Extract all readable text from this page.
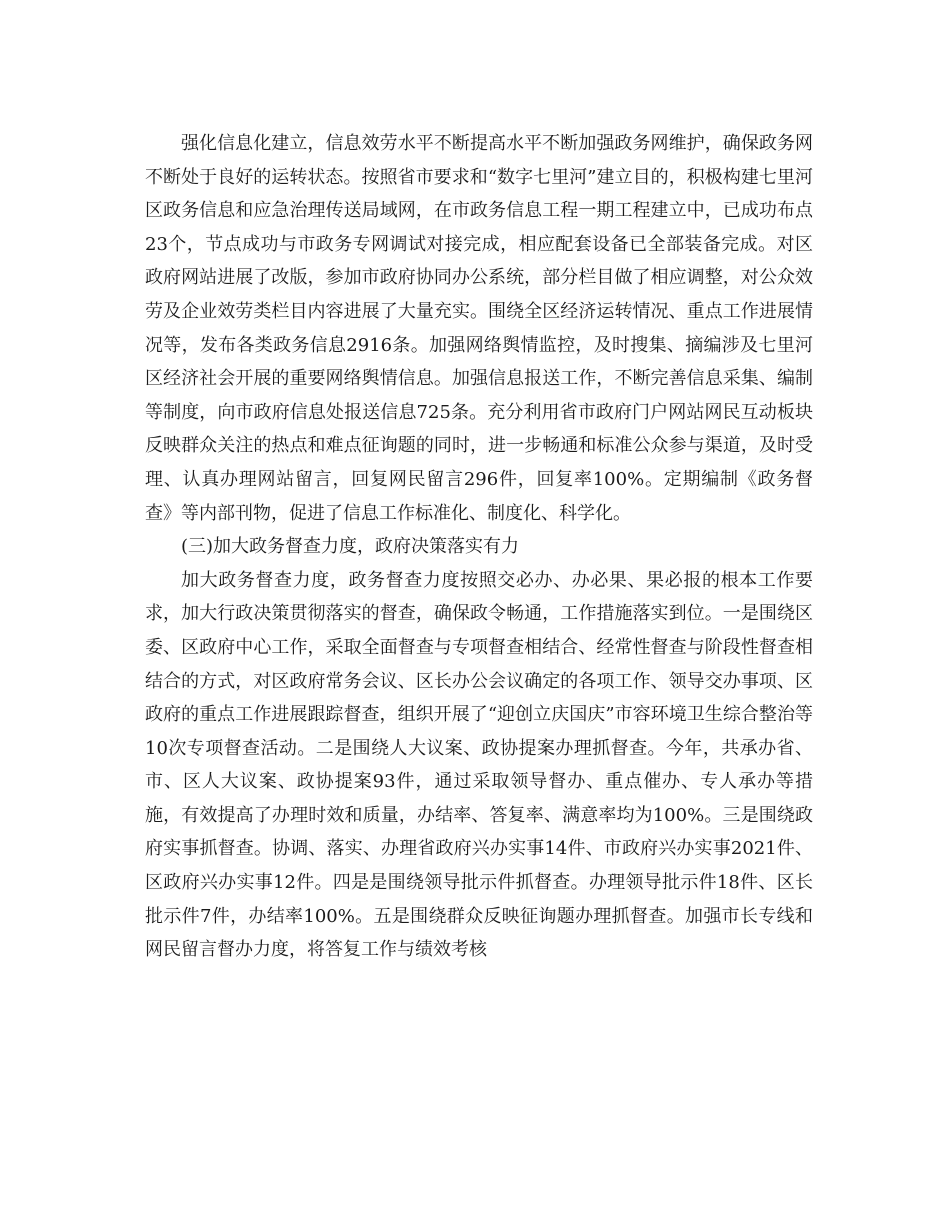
强化信息化建立，信息效劳水平不断提高水平不断加强政务网维护，确保政务网不断处于良好的运转状态。按照省市要求和“数字七里河”建立目的，积极构建七里河区政务信息和应急治理传送局域网，在市政务信息工程一期工程建立中，已成功布点23个，节点成功与市政务专网调试对接完成，相应配套设备已全部装备完成。对区政府网站进展了改版，参加市政府协同办公系统，部分栏目做了相应调整，对公众效劳及企业效劳类栏目内容进展了大量充实。围绕全区经济运转情况、重点工作进展情况等，发布各类政务信息2916条。加强网络舆情监控，及时搜集、摘编涉及七里河区经济社会开展的重要网络舆情信息。加强信息报送工作，不断完善信息采集、编制等制度，向市政府信息处报送信息725条。充分利用省市政府门户网站网民互动板块反映群众关注的热点和难点征询题的同时，进一步畅通和标准公众参与渠道，及时受理、认真办理网站留言，回复网民留言296件，回复率100%。定期编制《政务督查》等内部刊物，促进了信息工作标准化、制度化、科学化。

(三)加大政务督查力度，政府决策落实有力

加大政务督查力度，政务督查力度按照交必办、办必果、果必报的根本工作要求，加大行政决策贯彻落实的督查，确保政令畅通，工作措施落实到位。一是围绕区委、区政府中心工作，采取全面督查与专项督查相结合、经常性督查与阶段性督查相结合的方式，对区政府常务会议、区长办公会议确定的各项工作、领导交办事项、区政府的重点工作进展跟踪督查，组织开展了“迎创立庆国庆”市容环境卫生综合整治等10次专项督查活动。二是围绕人大议案、政协提案办理抓督查。今年，共承办省、市、区人大议案、政协提案93件，通过采取领导督办、重点催办、专人承办等措施，有效提高了办理时效和质量，办结率、答复率、满意率均为100%。三是围绕政府实事抓督查。协调、落实、办理省政府兴办实事14件、市政府兴办实事2021件、区政府兴办实事12件。四是是围绕领导批示件抓督查。办理领导批示件18件、区长批示件7件，办结率100%。五是围绕群众反映征询题办理抓督查。加强市长专线和网民留言督办力度，将答复工作与绩效考核
